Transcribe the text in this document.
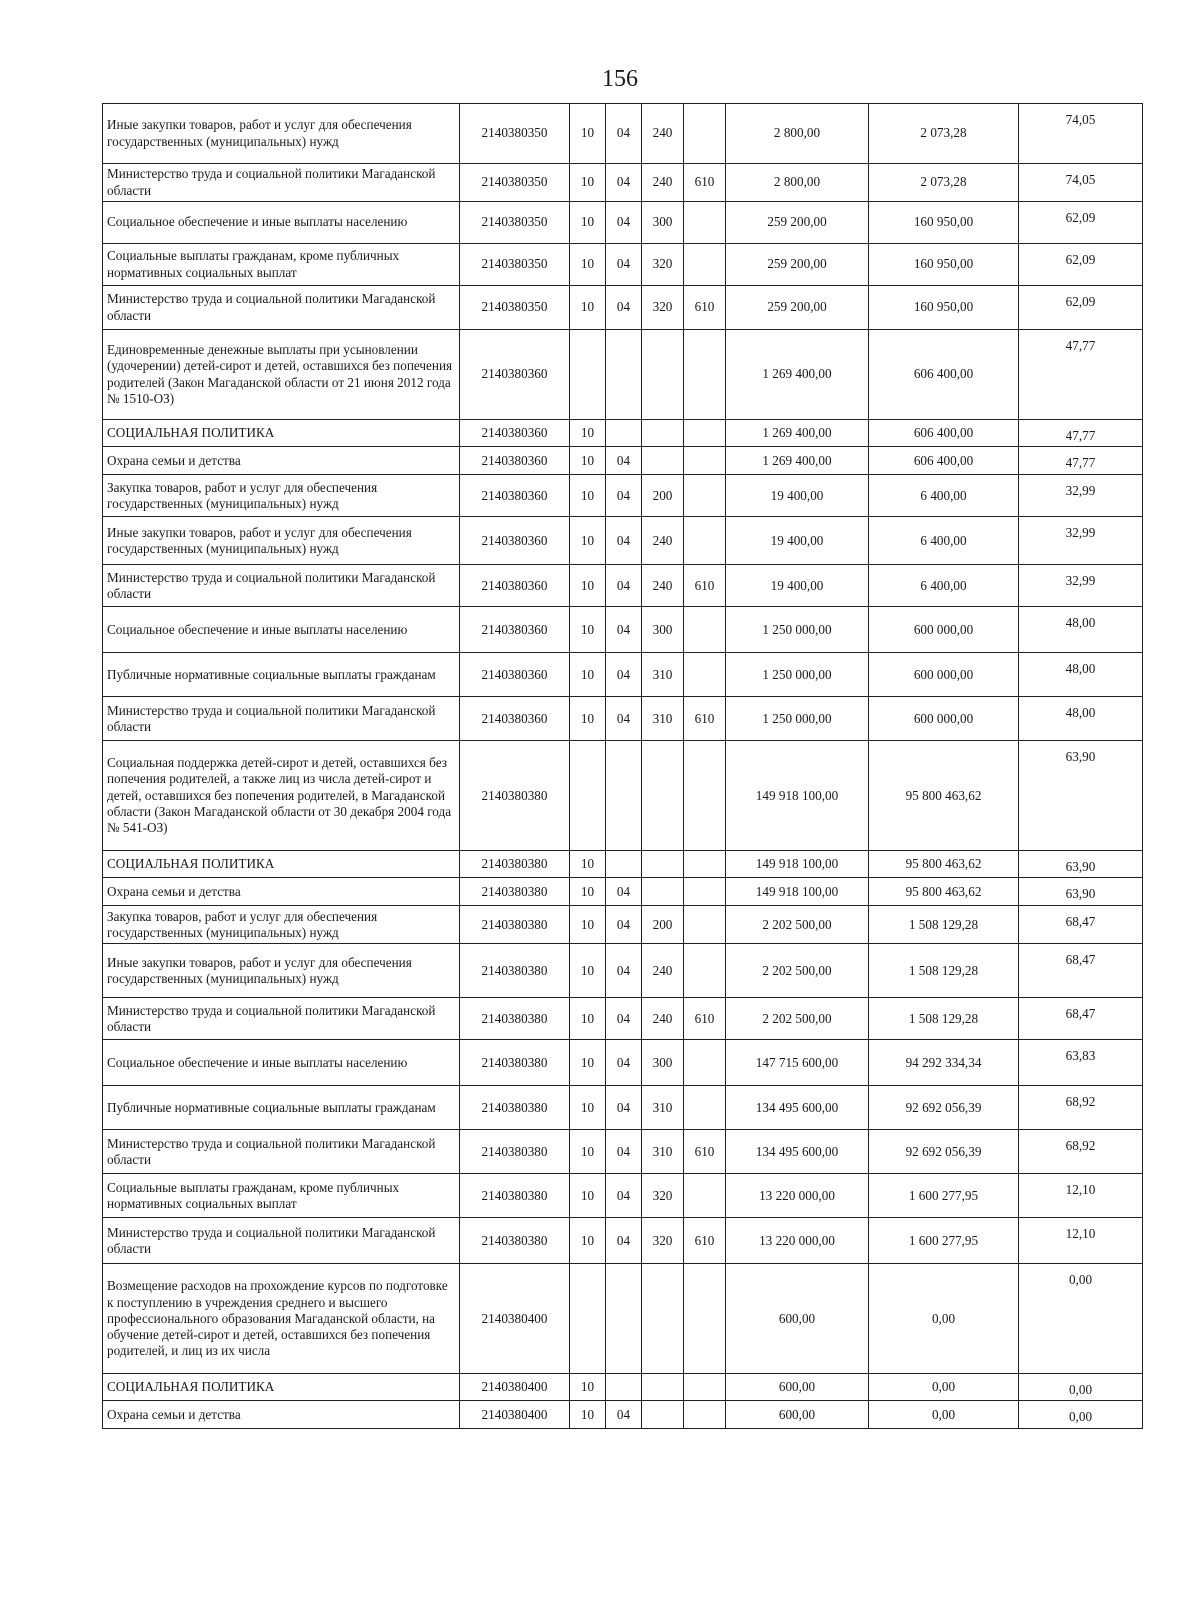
156
Иные закупки товаров, работ и услуг для обеспечения государственных (муниципальных) нужд	2140380350	10	04	240		2 800,00	2 073,28	74,05
Министерство труда и социальной политики Магаданской области	2140380350	10	04	240	610	2 800,00	2 073,28	74,05
Социальное обеспечение и иные выплаты населению	2140380350	10	04	300		259 200,00	160 950,00	62,09
Социальные выплаты гражданам, кроме публичных нормативных социальных выплат	2140380350	10	04	320		259 200,00	160 950,00	62,09
Министерство труда и социальной политики Магаданской области	2140380350	10	04	320	610	259 200,00	160 950,00	62,09
Единовременные денежные выплаты при усыновлении (удочерении) детей-сирот и детей, оставшихся без попечения родителей (Закон Магаданской области от 21 июня 2012 года № 1510-ОЗ)	2140380360					1 269 400,00	606 400,00	47,77
СОЦИАЛЬНАЯ ПОЛИТИКА	2140380360	10				1 269 400,00	606 400,00	47,77
Охрана семьи и детства	2140380360	10	04			1 269 400,00	606 400,00	47,77
Закупка товаров, работ и услуг для обеспечения государственных (муниципальных) нужд	2140380360	10	04	200		19 400,00	6 400,00	32,99
Иные закупки товаров, работ и услуг для обеспечения государственных (муниципальных) нужд	2140380360	10	04	240		19 400,00	6 400,00	32,99
Министерство труда и социальной политики Магаданской области	2140380360	10	04	240	610	19 400,00	6 400,00	32,99
Социальное обеспечение и иные выплаты населению	2140380360	10	04	300		1 250 000,00	600 000,00	48,00
Публичные нормативные социальные выплаты гражданам	2140380360	10	04	310		1 250 000,00	600 000,00	48,00
Министерство труда и социальной политики Магаданской области	2140380360	10	04	310	610	1 250 000,00	600 000,00	48,00
Социальная поддержка детей-сирот и детей, оставшихся без попечения родителей, а также лиц из числа детей-сирот и детей, оставшихся без попечения родителей, в Магаданской области (Закон Магаданской области от 30 декабря 2004 года № 541-ОЗ)	2140380380					149 918 100,00	95 800 463,62	63,90
СОЦИАЛЬНАЯ ПОЛИТИКА	2140380380	10				149 918 100,00	95 800 463,62	63,90
Охрана семьи и детства	2140380380	10	04			149 918 100,00	95 800 463,62	63,90
Закупка товаров, работ и услуг для обеспечения государственных (муниципальных) нужд	2140380380	10	04	200		2 202 500,00	1 508 129,28	68,47
Иные закупки товаров, работ и услуг для обеспечения государственных (муниципальных) нужд	2140380380	10	04	240		2 202 500,00	1 508 129,28	68,47
Министерство труда и социальной политики Магаданской области	2140380380	10	04	240	610	2 202 500,00	1 508 129,28	68,47
Социальное обеспечение и иные выплаты населению	2140380380	10	04	300		147 715 600,00	94 292 334,34	63,83
Публичные нормативные социальные выплаты гражданам	2140380380	10	04	310		134 495 600,00	92 692 056,39	68,92
Министерство труда и социальной политики Магаданской области	2140380380	10	04	310	610	134 495 600,00	92 692 056,39	68,92
Социальные выплаты гражданам, кроме публичных нормативных социальных выплат	2140380380	10	04	320		13 220 000,00	1 600 277,95	12,10
Министерство труда и социальной политики Магаданской области	2140380380	10	04	320	610	13 220 000,00	1 600 277,95	12,10
Возмещение расходов на прохождение курсов по подготовке к поступлению в учреждения среднего и высшего профессионального образования Магаданской области, на обучение детей-сирот и детей, оставшихся без попечения родителей, и лиц из их числа	2140380400					600,00	0,00	0,00
СОЦИАЛЬНАЯ ПОЛИТИКА	2140380400	10				600,00	0,00	0,00
Охрана семьи и детства	2140380400	10	04			600,00	0,00	0,00
